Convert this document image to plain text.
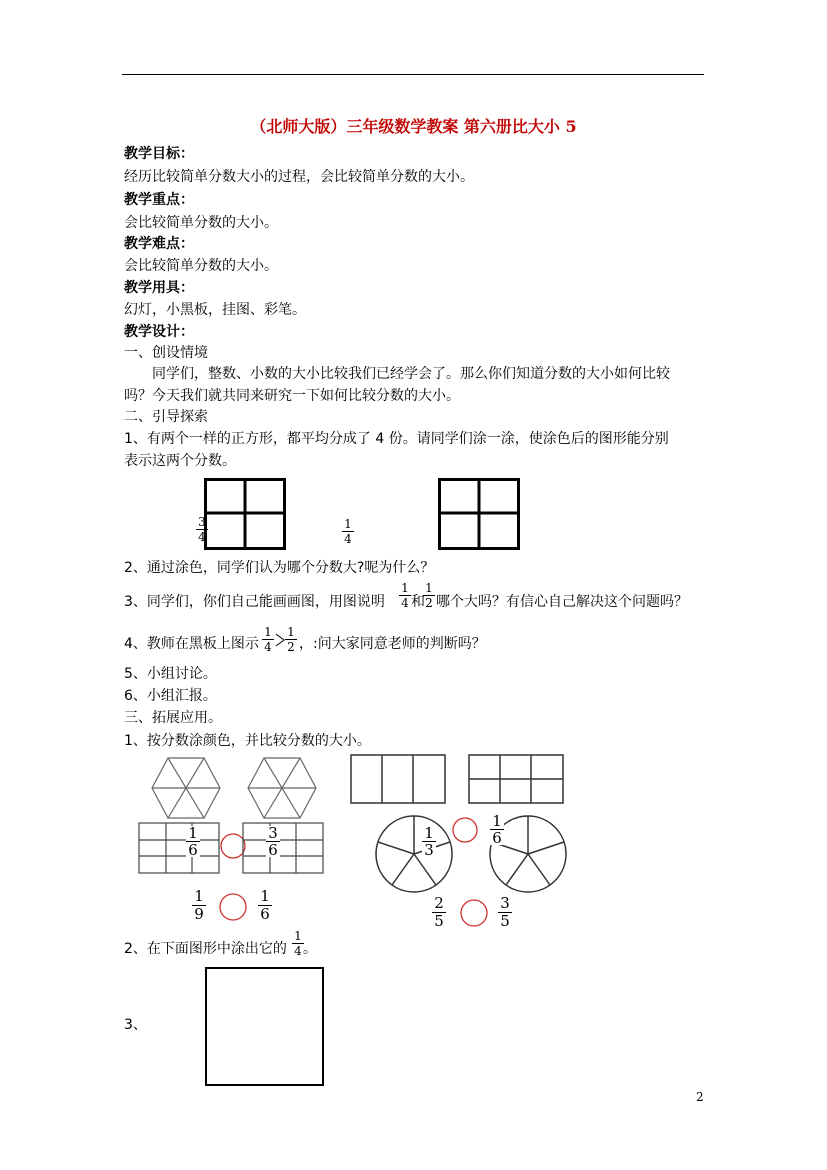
（北师大版）三年级数学教案 第六册比大小 5
教学目标：
经历比较简单分数大小的过程，会比较简单分数的大小。
教学重点：
会比较简单分数的大小。
教学难点：
会比较简单分数的大小。
教学用具：
幻灯，小黑板，挂图、彩笔。
教学设计：
一、创设情境
同学们，整数、小数的大小比较我们已经学会了。那么你们知道分数的大小如何比较
吗？今天我们就共同来研究一下如何比较分数的大小。
二、引导探索
1、有两个一样的正方形，都平均分成了 4 份。请同学们涂一涂，使涂色后的图形能分别
表示这两个分数。
3
4
1
4
2、通过涂色，同学们认为哪个分数大?呢为什么？
3、同学们，你们自己能画画图，用图说明
1
4 和
1
2 哪个大吗？有信心自己解决这个问题吗？
4、教师在黑板上图示
1
4
1
2 ，:问大家同意老师的判断吗？
5、小组讨论。
6、小组汇报。
三、拓展应用。
1、按分数涂颜色，并比较分数的大小。
1
6
3
6
1
3
1
6
1
9
1
6
2
5
3
5
2、在下面图形中涂出它的
1
4 。
3、
2
